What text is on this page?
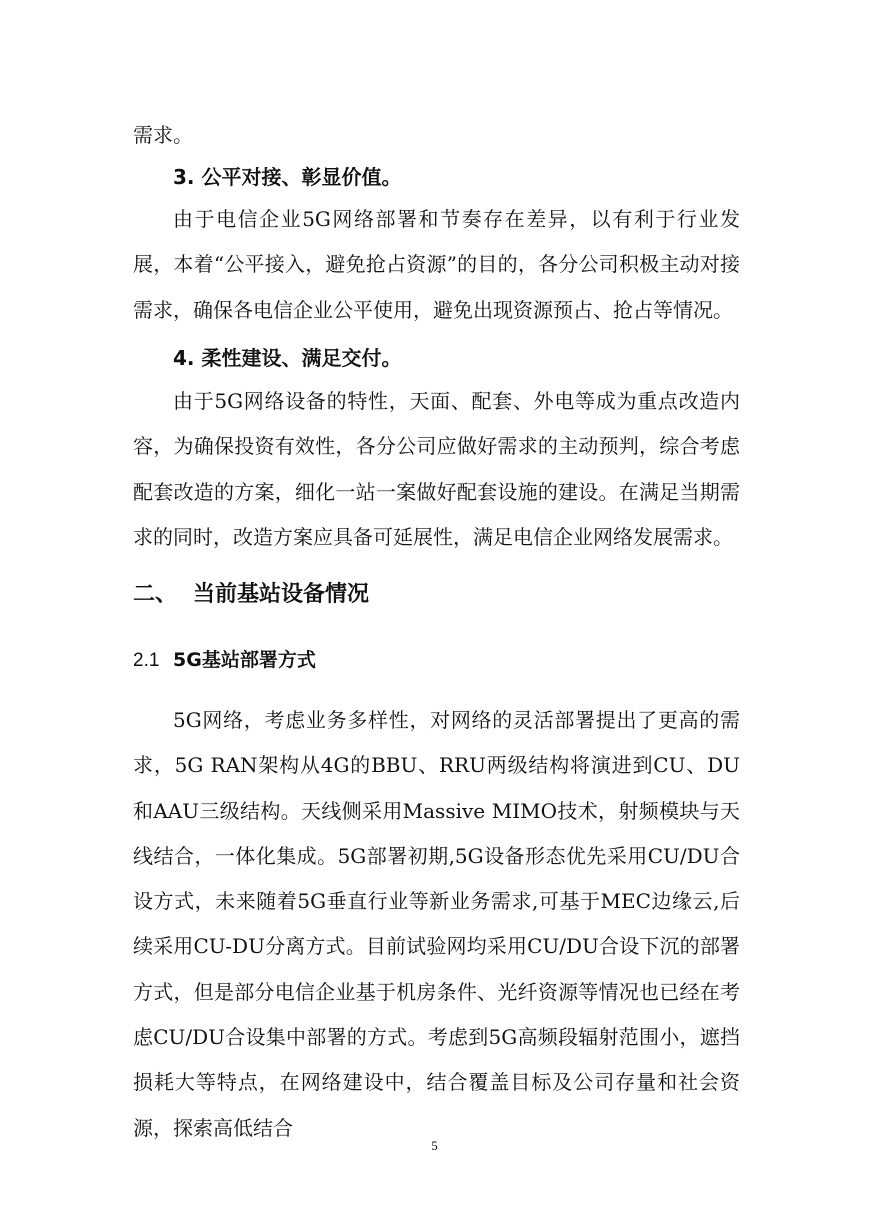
需求。

3. 公平对接、彰显价值。

由于电信企业5G网络部署和节奏存在差异，以有利于行业发展，本着“公平接入，避免抢占资源”的目的，各分公司积极主动对接需求，确保各电信企业公平使用，避免出现资源预占、抢占等情况。

4. 柔性建设、满足交付。

由于5G网络设备的特性，天面、配套、外电等成为重点改造内容，为确保投资有效性，各分公司应做好需求的主动预判，综合考虑配套改造的方案，细化一站一案做好配套设施的建设。在满足当期需求的同时，改造方案应具备可延展性，满足电信企业网络发展需求。

二、 当前基站设备情况
2.1 5G基站部署方式

5G网络，考虑业务多样性，对网络的灵活部署提出了更高的需求，5G RAN架构从4G的BBU、RRU两级结构将演进到CU、DU和AAU三级结构。天线侧采用Massive MIMO技术，射频模块与天线结合，一体化集成。5G部署初期,5G设备形态优先采用CU/DU合设方式，未来随着5G垂直行业等新业务需求,可基于MEC边缘云,后续采用CU-DU分离方式。目前试验网均采用CU/DU合设下沉的部署方式，但是部分电信企业基于机房条件、光纤资源等情况也已经在考虑CU/DU合设集中部署的方式。考虑到5G高频段辐射范围小，遮挡损耗大等特点，在网络建设中，结合覆盖目标及公司存量和社会资源，探索高低结合

5
